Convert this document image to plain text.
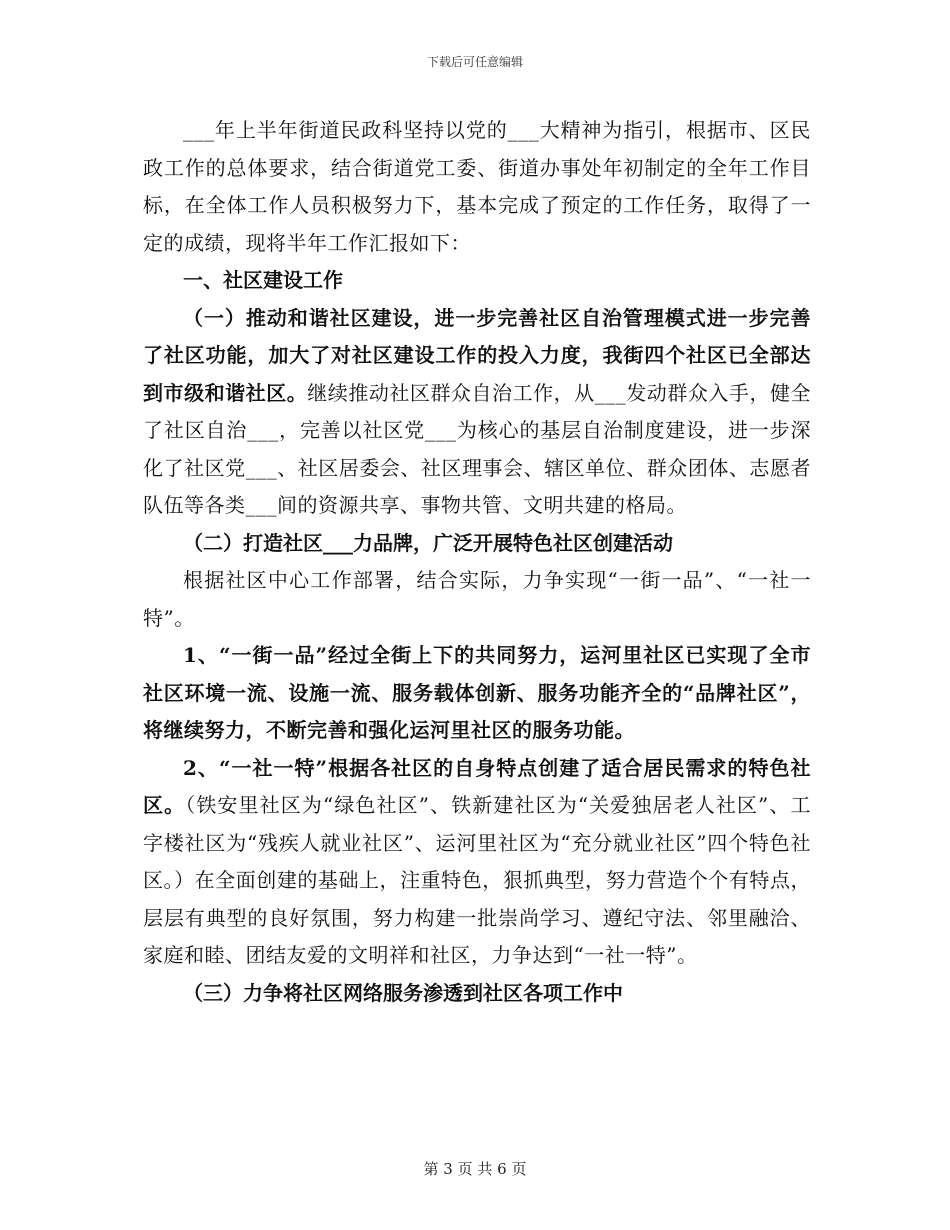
下载后可任意编辑

___年上半年街道民政科坚持以党的___大精神为指引，根据市、区民政工作的总体要求，结合街道党工委、街道办事处年初制定的全年工作目标，在全体工作人员积极努力下，基本完成了预定的工作任务，取得了一定的成绩，现将半年工作汇报如下：

一、社区建设工作

（一）推动和谐社区建设，进一步完善社区自治管理模式进一步完善了社区功能，加大了对社区建设工作的投入力度，我街四个社区已全部达到市级和谐社区。继续推动社区群众自治工作，从___发动群众入手，健全了社区自治___，完善以社区党___为核心的基层自治制度建设，进一步深化了社区党___、社区居委会、社区理事会、辖区单位、群众团体、志愿者队伍等各类___间的资源共享、事物共管、文明共建的格局。

（二）打造社区___力品牌，广泛开展特色社区创建活动

根据社区中心工作部署，结合实际，力争实现“一街一品”、“一社一特”。

1、“一街一品”经过全街上下的共同努力，运河里社区已实现了全市社区环境一流、设施一流、服务载体创新、服务功能齐全的“品牌社区”，将继续努力，不断完善和强化运河里社区的服务功能。

2、“一社一特”根据各社区的自身特点创建了适合居民需求的特色社区。（铁安里社区为“绿色社区”、铁新建社区为“关爱独居老人社区”、工字楼社区为“残疾人就业社区”、运河里社区为“充分就业社区”四个特色社区。）在全面创建的基础上，注重特色，狠抓典型，努力营造个个有特点，层层有典型的良好氛围，努力构建一批崇尚学习、遵纪守法、邻里融洽、家庭和睦、团结友爱的文明祥和社区，力争达到“一社一特”。

（三）力争将社区网络服务渗透到社区各项工作中

第 3 页 共 6 页
